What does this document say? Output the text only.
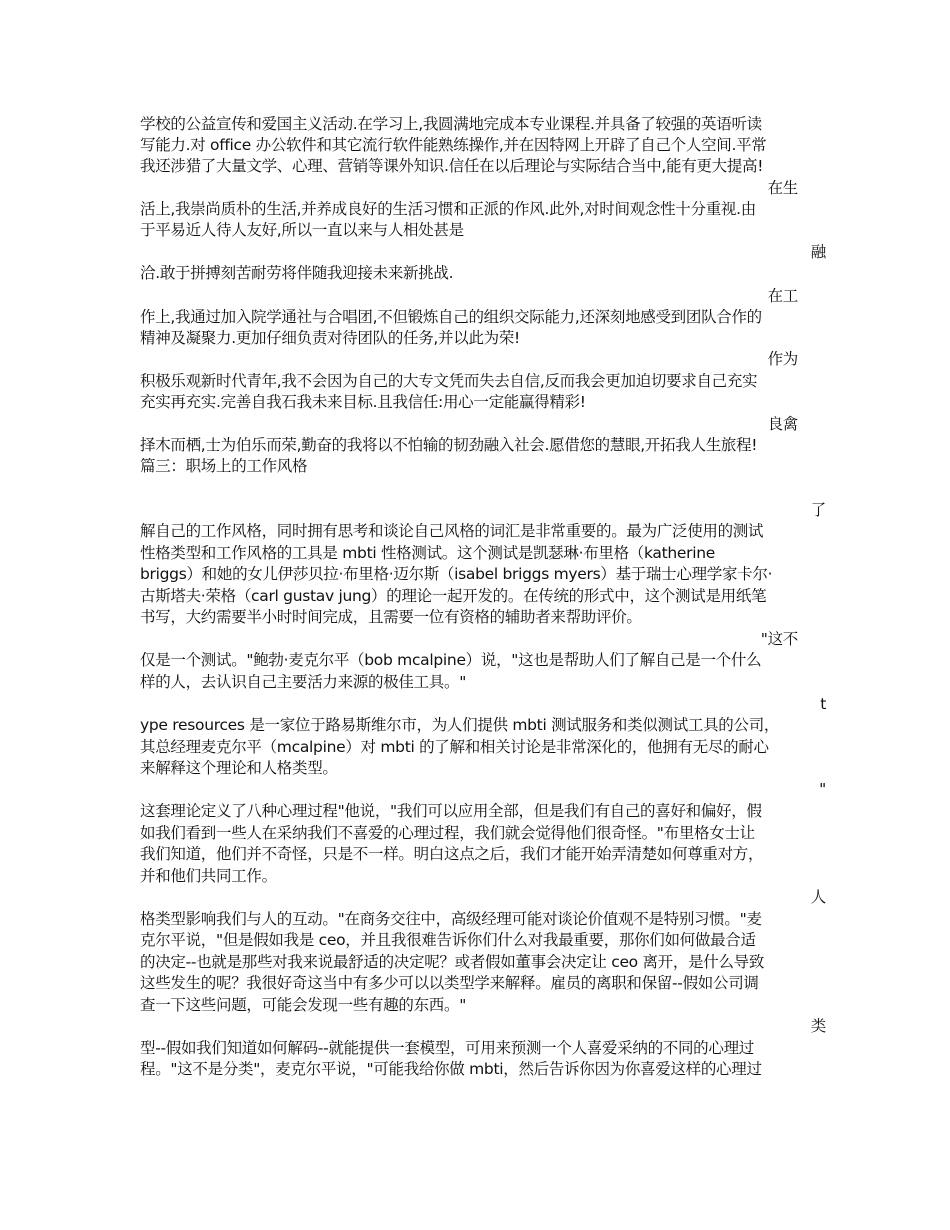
学校的公益宣传和爱国主义活动.在学习上,我圆满地完成本专业课程.并具备了较强的英语听读
写能力.对 office 办公软件和其它流行软件能熟练操作,并在因特网上开辟了自己个人空间.平常
我还涉猎了大量文学、心理、营销等课外知识.信任在以后理论与实际结合当中,能有更大提高!
在生
活上,我崇尚质朴的生活,并养成良好的生活习惯和正派的作风.此外,对时间观念性十分重视.由
于平易近人待人友好,所以一直以来与人相处甚是
融
洽.敢于拼搏刻苦耐劳将伴随我迎接未来新挑战.
在工
作上,我通过加入院学通社与合唱团,不但锻炼自己的组织交际能力,还深刻地感受到团队合作的
精神及凝聚力.更加仔细负责对待团队的任务,并以此为荣!
作为
积极乐观新时代青年,我不会因为自己的大专文凭而失去自信,反而我会更加迫切要求自己充实
充实再充实.完善自我石我未来目标.且我信任:用心一定能赢得精彩!
良禽
择木而栖,士为伯乐而荣,勤奋的我将以不怕输的韧劲融入社会.愿借您的慧眼,开拓我人生旅程!
篇三：职场上的工作风格
了
解自己的工作风格，同时拥有思考和谈论自己风格的词汇是非常重要的。最为广泛使用的测试
性格类型和工作风格的工具是 mbti 性格测试。这个测试是凯瑟琳·布里格（katherine
briggs）和她的女儿伊莎贝拉·布里格·迈尔斯（isabel briggs myers）基于瑞士心理学家卡尔·
古斯塔夫·荣格（carl gustav jung）的理论一起开发的。在传统的形式中，这个测试是用纸笔
书写，大约需要半小时时间完成，且需要一位有资格的辅助者来帮助评价。
"这不
仅是一个测试。"鲍勃·麦克尔平（bob mcalpine）说，"这也是帮助人们了解自己是一个什么
样的人，去认识自己主要活力来源的极佳工具。"
t
ype resources 是一家位于路易斯维尔市，为人们提供 mbti 测试服务和类似测试工具的公司，
其总经理麦克尔平（mcalpine）对 mbti 的了解和相关讨论是非常深化的，他拥有无尽的耐心
来解释这个理论和人格类型。
"
这套理论定义了八种心理过程"他说，"我们可以应用全部，但是我们有自己的喜好和偏好，假
如我们看到一些人在采纳我们不喜爱的心理过程，我们就会觉得他们很奇怪。"布里格女士让
我们知道，他们并不奇怪，只是不一样。明白这点之后，我们才能开始弄清楚如何尊重对方，
并和他们共同工作。
人
格类型影响我们与人的互动。"在商务交往中，高级经理可能对谈论价值观不是特别习惯。"麦
克尔平说，"但是假如我是 ceo，并且我很难告诉你们什么对我最重要，那你们如何做最合适
的决定--也就是那些对我来说最舒适的决定呢？或者假如董事会决定让 ceo 离开，是什么导致
这些发生的呢？我很好奇这当中有多少可以以类型学来解释。雇员的离职和保留--假如公司调
查一下这些问题，可能会发现一些有趣的东西。"
类
型--假如我们知道如何解码--就能提供一套模型，可用来预测一个人喜爱采纳的不同的心理过
程。"这不是分类"，麦克尔平说，"可能我给你做 mbti，然后告诉你因为你喜爱这样的心理过
